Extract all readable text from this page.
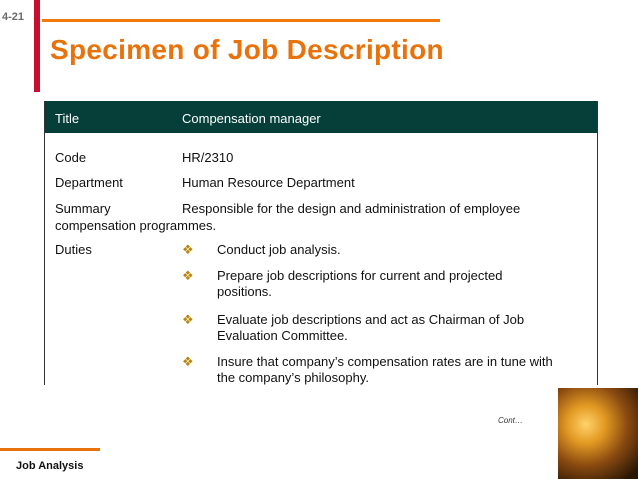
4-21
Specimen of Job Description
Title	Compensation manager
Code	HR/2310
Department	Human Resource Department
Summary	Responsible for the design and administration of employee
compensation programmes.
Duties	❖ Conduct job analysis.
❖ Prepare job descriptions for current and projected
positions.
❖ Evaluate job descriptions and act as Chairman of Job
Evaluation Committee.
❖ Insure that company’s compensation rates are in tune with
the company’s philosophy.
Cont…
Job Analysis
